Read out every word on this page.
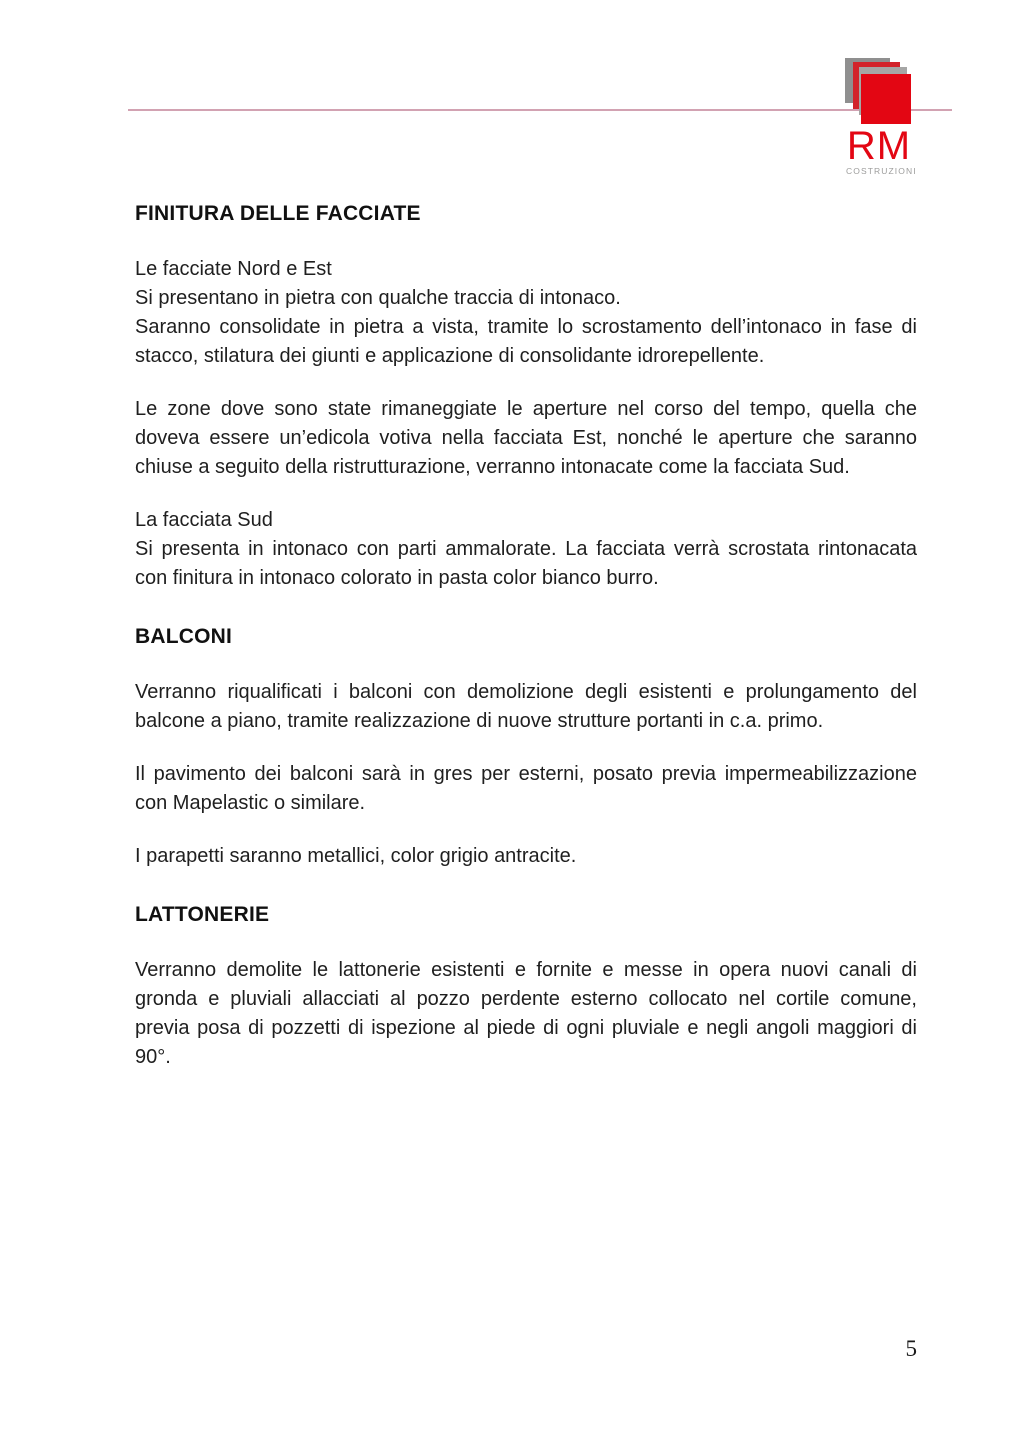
RM
COSTRUZIONI
FINITURA DELLE FACCIATE
Le facciate Nord e Est
Si presentano in pietra con qualche traccia di intonaco.
Saranno consolidate in pietra a vista, tramite lo scrostamento dell’intonaco in fase di stacco, stilatura dei giunti e applicazione di consolidante idrorepellente.
Le zone dove sono state rimaneggiate le aperture nel corso del tempo, quella che doveva essere un’edicola votiva nella facciata Est, nonché le aperture che saranno chiuse a seguito della ristrutturazione, verranno intonacate come la facciata Sud.
La facciata Sud
Si presenta in intonaco con parti ammalorate. La facciata verrà scrostata rintonacata con finitura in intonaco colorato in pasta color bianco burro.
BALCONI
Verranno riqualificati i balconi con demolizione degli esistenti e prolungamento del balcone a piano, tramite realizzazione di nuove strutture portanti in c.a. primo.
Il pavimento dei balconi sarà in gres per esterni, posato previa impermeabilizzazione con Mapelastic o similare.
I parapetti saranno metallici, color grigio antracite.
LATTONERIE
Verranno demolite le lattonerie esistenti e fornite e messe in opera nuovi canali di gronda e pluviali allacciati al pozzo perdente esterno collocato nel cortile comune, previa posa di pozzetti di ispezione al piede di ogni pluviale e negli angoli maggiori di 90°.
5
